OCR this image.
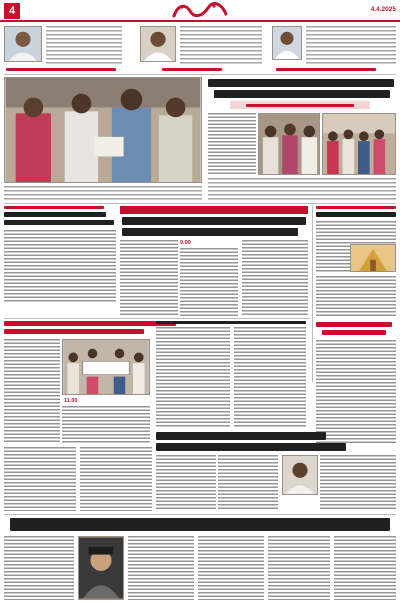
4	4.4.2025
9.00
11.00
